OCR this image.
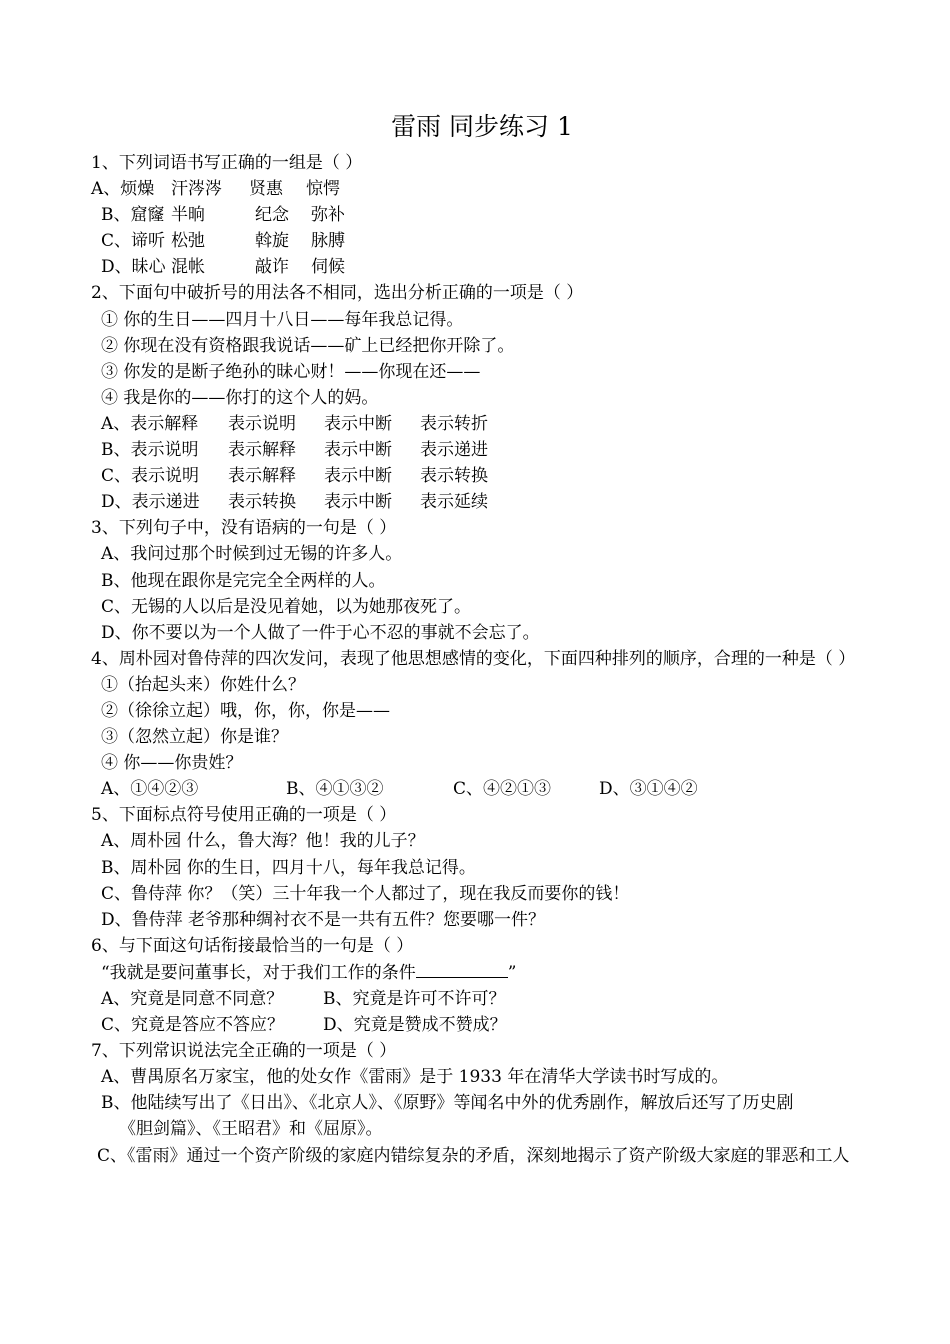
雷雨 同步练习 1
1、下列词语书写正确的一组是（ ）
A、烦燥 汗涔涔	贤惠	惊愕
B、窟窿 半晌	纪念	弥补
C、谛听 松弛	斡旋	脉膊
D、昧心 混帐	敲诈	伺候
2、下面句中破折号的用法各不相同，选出分析正确的一项是（ ）
① 你的生日——四月十八日——每年我总记得。
② 你现在没有资格跟我说话——矿上已经把你开除了。
③ 你发的是断子绝孙的昧心财！——你现在还——
④ 我是你的——你打的这个人的妈。
A、表示解释	表示说明	表示中断	表示转折
B、表示说明	表示解释	表示中断	表示递进
C、表示说明	表示解释	表示中断	表示转换
D、表示递进	表示转换	表示中断	表示延续
3、下列句子中，没有语病的一句是（ ）
A、我问过那个时候到过无锡的许多人。
B、他现在跟你是完完全全两样的人。
C、无锡的人以后是没见着她，以为她那夜死了。
D、你不要以为一个人做了一件于心不忍的事就不会忘了。
4、周朴园对鲁侍萍的四次发问，表现了他思想感情的变化，下面四种排列的顺序，合理的一种是（ ）
①（抬起头来）你姓什么？
②（徐徐立起）哦，你，你，你是——
③（忽然立起）你是谁？
④ 你——你贵姓？
A、①④②③	B、④①③②	C、④②①③	D、③①④②
5、下面标点符号使用正确的一项是（ ）
A、周朴园 什么，鲁大海？他！我的儿子？
B、周朴园 你的生日，四月十八，每年我总记得。
C、鲁侍萍 你？（笑）三十年我一个人都过了，现在我反而要你的钱！
D、鲁侍萍 老爷那种绸衬衣不是一共有五件？您要哪一件？
6、与下面这句话衔接最恰当的一句是（ ）
“我就是要问董事长，对于我们工作的条件	”
A、究竟是同意不同意？	B、究竟是许可不许可？
C、究竟是答应不答应？	D、究竟是赞成不赞成？
7、下列常识说法完全正确的一项是（ ）
A、曹禺原名万家宝，他的处女作《雷雨》是于 1933 年在清华大学读书时写成的。
B、他陆续写出了《日出》、《北京人》、《原野》等闻名中外的优秀剧作，解放后还写了历史剧
《胆剑篇》、《王昭君》和《屈原》。
C、《雷雨》通过一个资产阶级的家庭内错综复杂的矛盾，深刻地揭示了资产阶级大家庭的罪恶和工人
